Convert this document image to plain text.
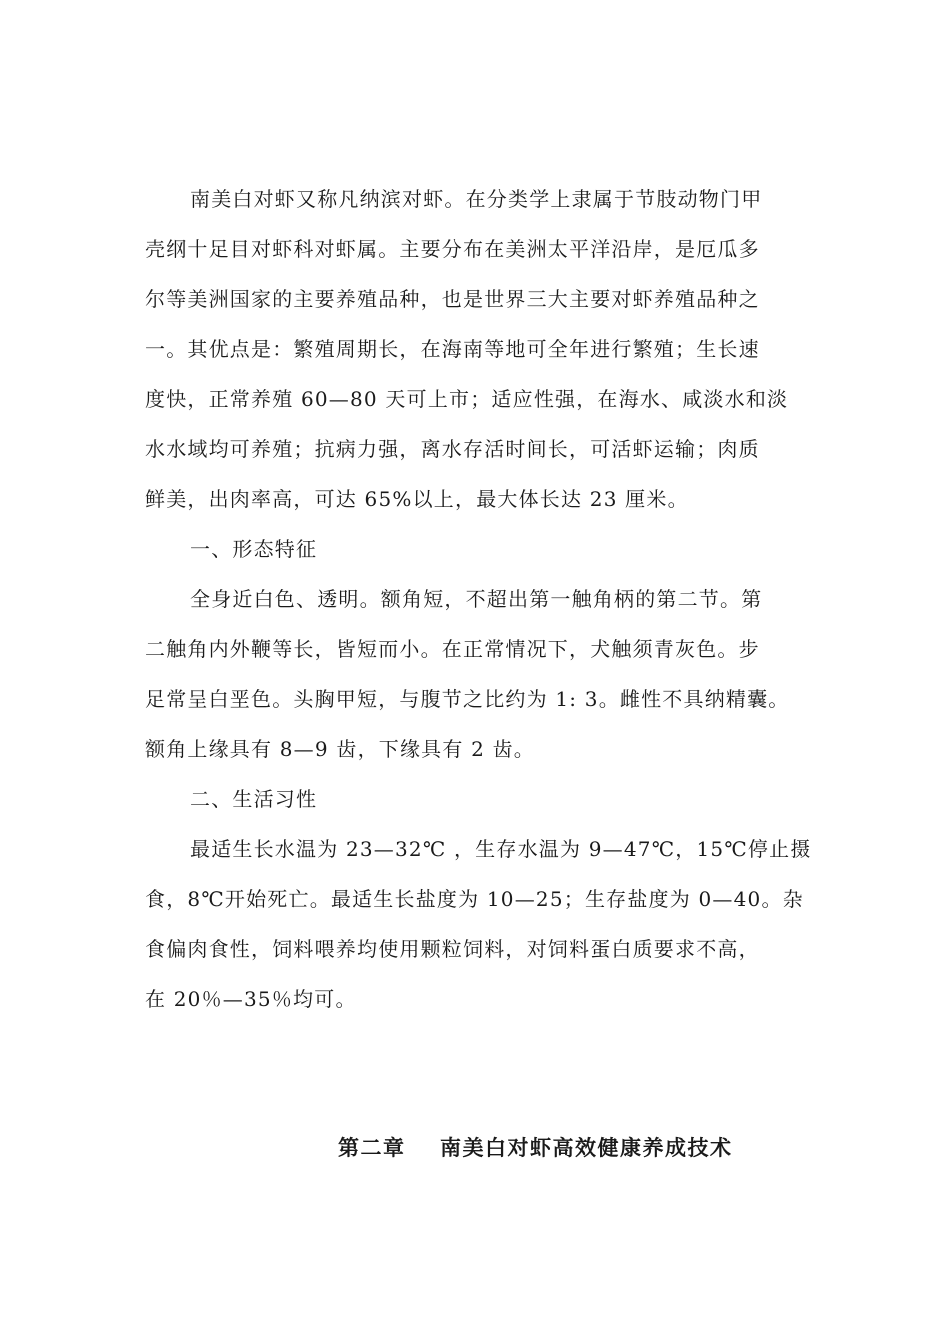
南美白对虾又称凡纳滨对虾。在分类学上隶属于节肢动物门甲
壳纲十足目对虾科对虾属。主要分布在美洲太平洋沿岸，是厄瓜多
尔等美洲国家的主要养殖品种，也是世界三大主要对虾养殖品种之
一。其优点是：繁殖周期长，在海南等地可全年进行繁殖；生长速
度快，正常养殖 60—80 天可上市；适应性强，在海水、咸淡水和淡
水水域均可养殖；抗病力强，离水存活时间长，可活虾运输；肉质
鲜美，出肉率高，可达 65%以上，最大体长达 23 厘米。
一、形态特征
全身近白色、透明。额角短，不超出第一触角柄的第二节。第
二触角内外鞭等长，皆短而小。在正常情况下，犬触须青灰色。步
足常呈白垩色。头胸甲短，与腹节之比约为 1: 3。雌性不具纳精囊。
额角上缘具有 8—9 齿，下缘具有 2 齿。
二、生活习性
最适生长水温为 23—32℃ ，生存水温为 9—47℃，15℃停止摄
食，8℃开始死亡。最适生长盐度为 10—25；生存盐度为 0—40。杂
食偏肉食性，饲料喂养均使用颗粒饲料，对饲料蛋白质要求不高，
在 20％—35％均可。
第二章 南美白对虾高效健康养成技术
